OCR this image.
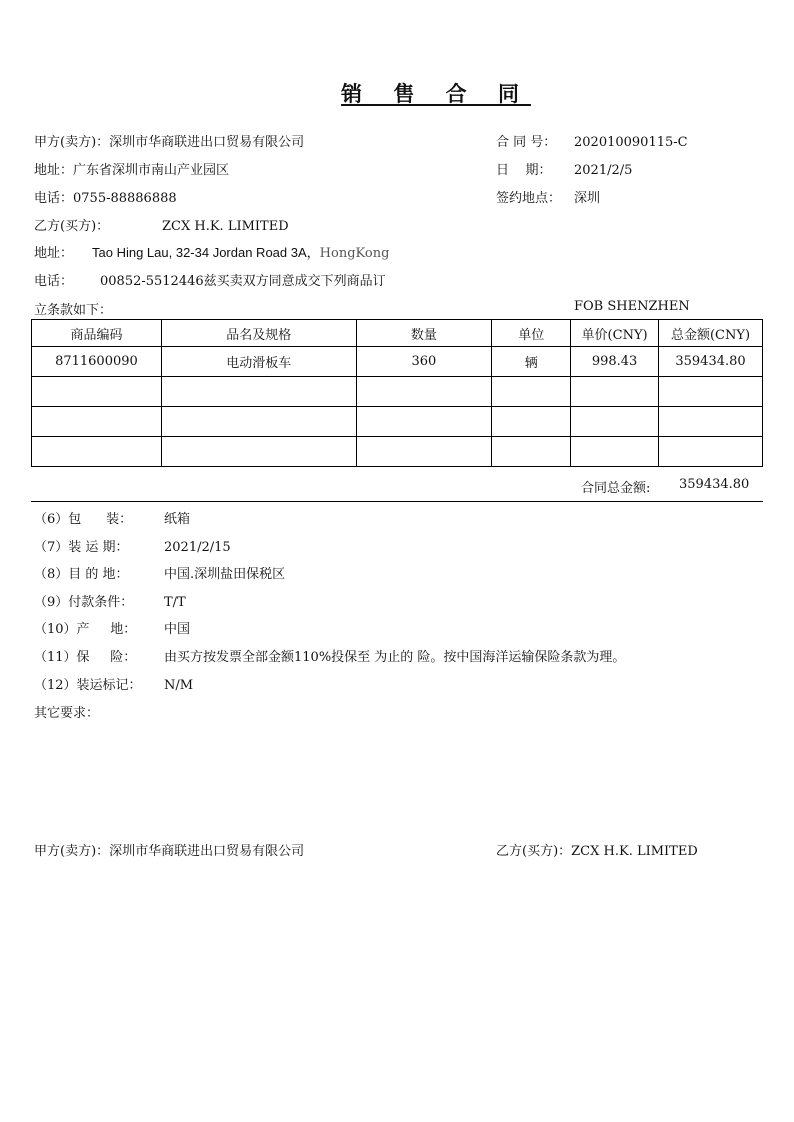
销 售 合 同
甲方(卖方)：深圳市华商联进出口贸易有限公司
地址：广东省深圳市南山产业园区
电话：0755-88886888
合 同 号： 202010090115-C
日    期： 2021/2/5
签约地点： 深圳
乙方(买方)：	ZCX H.K. LIMITED
地址： Tao Hing Lau, 32-34 Jordan Road 3A，HongKong
电话： 00852-5512446兹买卖双方同意成交下列商品订
立条款如下：	FOB SHENZHEN
商品编码	品名及规格	数量	单位	单价(CNY)	总金额(CNY)
8711600090	电动滑板车	360	辆	998.43	359434.80

合同总金额: 359434.80
（6）包      装： 纸箱
（7）装 运 期：	2021/2/15
（8）目 的 地：	中国.深圳盐田保税区
（9）付款条件： T/T
（10）产     地： 中国
（11）保     险： 由买方按发票全部金额110%投保至 为止的 险。按中国海洋运输保险条款为理。
（12）装运标记： N/M
其它要求：
甲方(卖方)：深圳市华商联进出口贸易有限公司	乙方(买方)：ZCX H.K. LIMITED
